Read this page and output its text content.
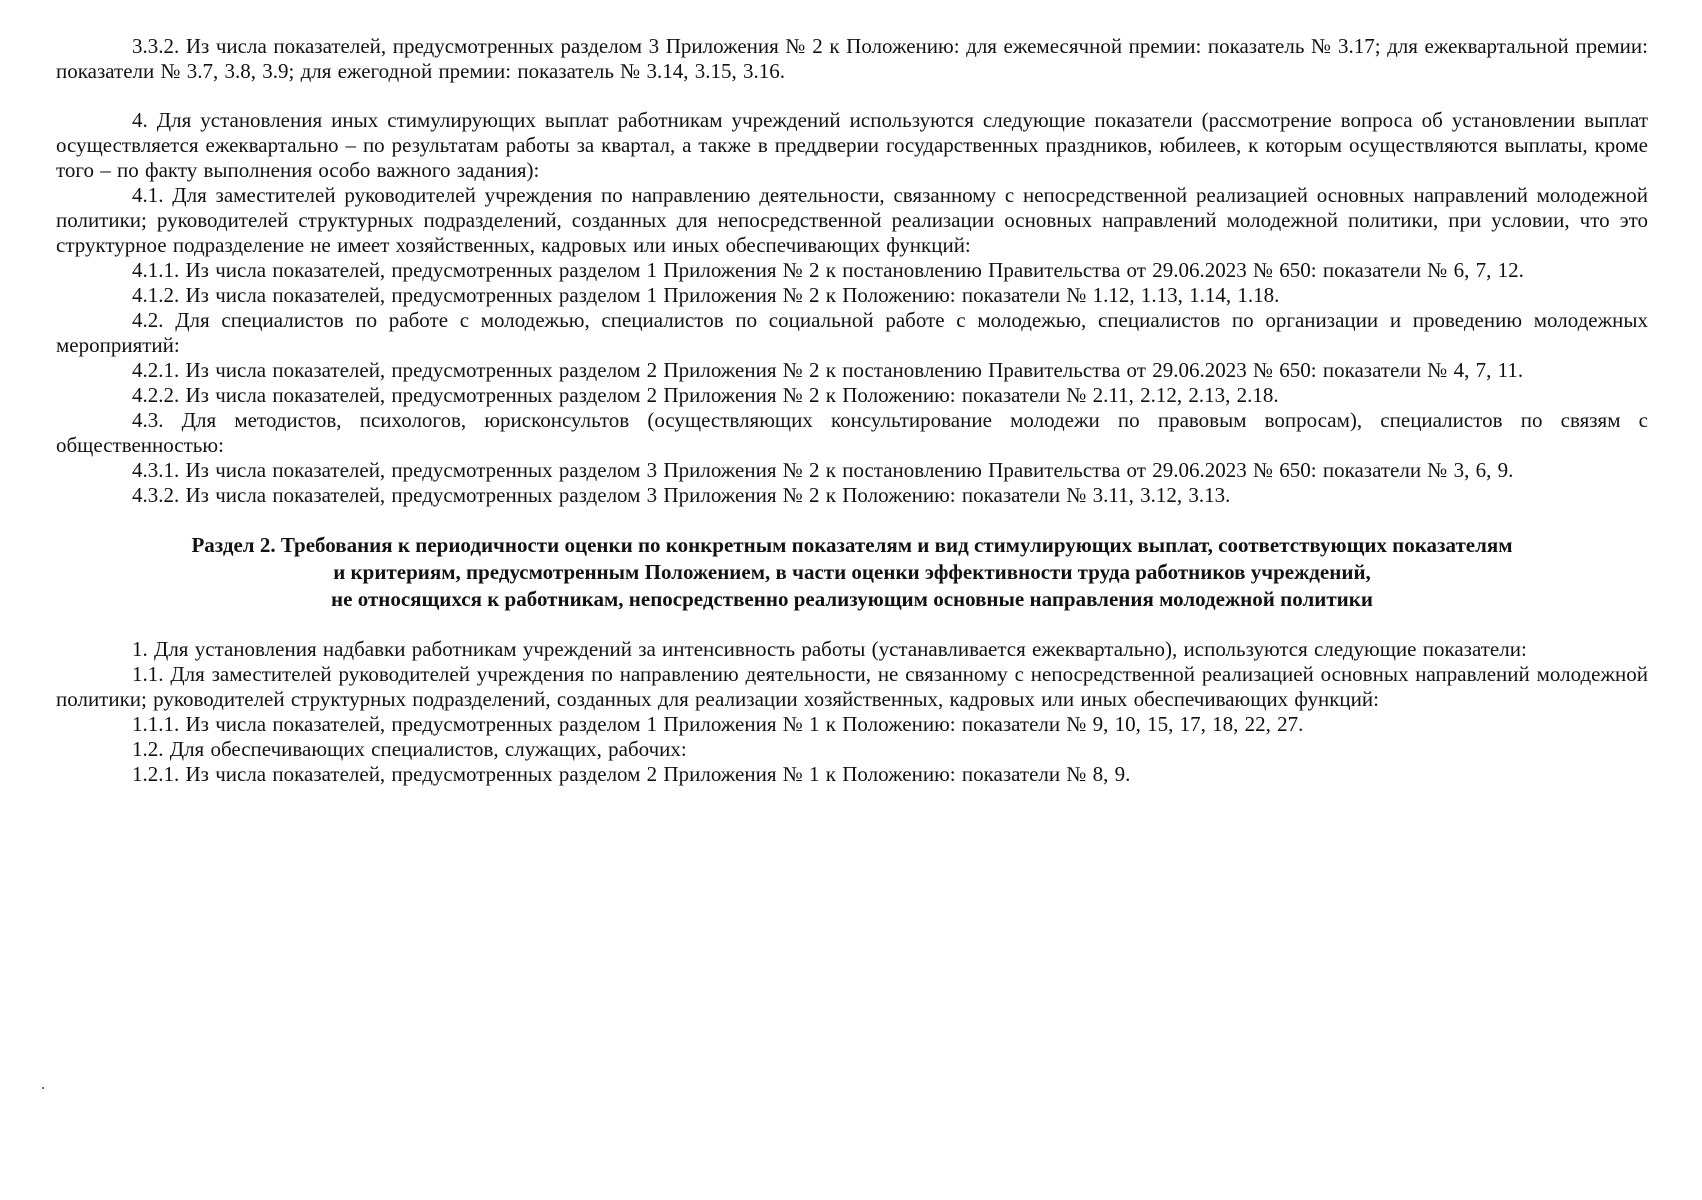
3.3.2. Из числа показателей, предусмотренных разделом 3 Приложения № 2 к Положению: для ежемесячной премии: показатель № 3.17; для ежеквартальной премии: показатели № 3.7, 3.8, 3.9; для ежегодной премии: показатель № 3.14, 3.15, 3.16.

4. Для установления иных стимулирующих выплат работникам учреждений используются следующие показатели (рассмотрение вопроса об установлении выплат осуществляется ежеквартально – по результатам работы за квартал, а также в преддверии государственных праздников, юбилеев, к которым осуществляются выплаты, кроме того – по факту выполнения особо важного задания):

4.1. Для заместителей руководителей учреждения по направлению деятельности, связанному с непосредственной реализацией основных направлений молодежной политики; руководителей структурных подразделений, созданных для непосредственной реализации основных направлений молодежной политики, при условии, что это структурное подразделение не имеет хозяйственных, кадровых или иных обеспечивающих функций:

4.1.1. Из числа показателей, предусмотренных разделом 1 Приложения № 2 к постановлению Правительства от 29.06.2023 № 650: показатели № 6, 7, 12.

4.1.2. Из числа показателей, предусмотренных разделом 1 Приложения № 2 к Положению: показатели № 1.12, 1.13, 1.14, 1.18.

4.2. Для специалистов по работе с молодежью, специалистов по социальной работе с молодежью, специалистов по организации и проведению молодежных мероприятий:

4.2.1. Из числа показателей, предусмотренных разделом 2 Приложения № 2 к постановлению Правительства от 29.06.2023 № 650: показатели № 4, 7, 11.

4.2.2. Из числа показателей, предусмотренных разделом 2 Приложения № 2 к Положению: показатели № 2.11, 2.12, 2.13, 2.18.

4.3. Для методистов, психологов, юрисконсультов (осуществляющих консультирование молодежи по правовым вопросам), специалистов по связям с общественностью:

4.3.1. Из числа показателей, предусмотренных разделом 3 Приложения № 2 к постановлению Правительства от 29.06.2023 № 650: показатели № 3, 6, 9.

4.3.2. Из числа показателей, предусмотренных разделом 3 Приложения № 2 к Положению: показатели № 3.11, 3.12, 3.13.

Раздел 2. Требования к периодичности оценки по конкретным показателям и вид стимулирующих выплат, соответствующих показателям

и критериям, предусмотренным Положением, в части оценки эффективности труда работников учреждений,

не относящихся к работникам, непосредственно реализующим основные направления молодежной политики

1. Для установления надбавки работникам учреждений за интенсивность работы (устанавливается ежеквартально), используются следующие показатели:

1.1. Для заместителей руководителей учреждения по направлению деятельности, не связанному с непосредственной реализацией основных направлений молодежной политики; руководителей структурных подразделений, созданных для реализации хозяйственных, кадровых или иных обеспечивающих функций:

1.1.1. Из числа показателей, предусмотренных разделом 1 Приложения № 1 к Положению: показатели № 9, 10, 15, 17, 18, 22, 27.

1.2. Для обеспечивающих специалистов, служащих, рабочих:

1.2.1. Из числа показателей, предусмотренных разделом 2 Приложения № 1 к Положению: показатели № 8, 9.
